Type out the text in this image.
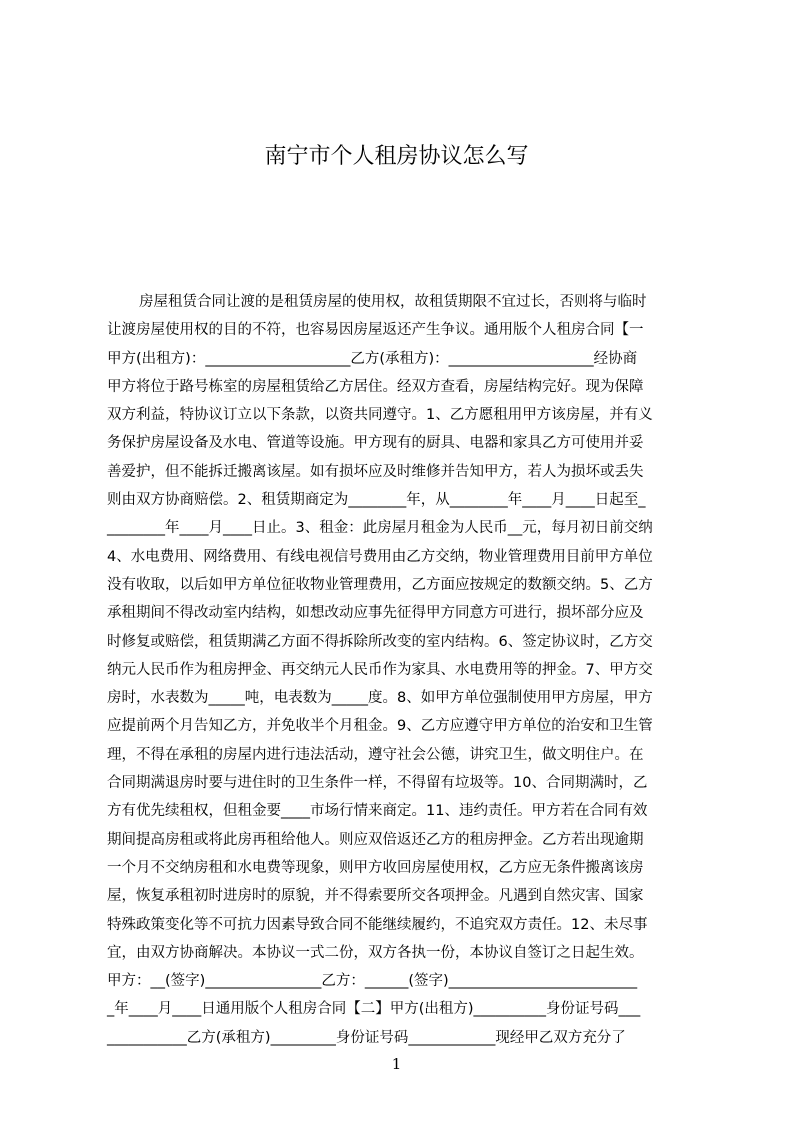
南宁市个人租房协议怎么写
房屋租赁合同让渡的是租赁房屋的使用权，故租赁期限不宜过长，否则将与临时
让渡房屋使用权的目的不符，也容易因房屋返还产生争议。通用版个人租房合同【一
甲方(出租方)：____________________乙方(承租方)：____________________经协商
甲方将位于路号栋室的房屋租赁给乙方居住。经双方查看，房屋结构完好。现为保障
双方利益，特协议订立以下条款，以资共同遵守。1、乙方愿租用甲方该房屋，并有义
务保护房屋设备及水电、管道等设施。甲方现有的厨具、电器和家具乙方可使用并妥
善爱护，但不能拆迁搬离该屋。如有损坏应及时维修并告知甲方，若人为损坏或丢失
则由双方协商赔偿。2、租赁期商定为________年，从________年____月____日起至_
________年____月____日止。3、租金：此房屋月租金为人民币__元，每月初日前交纳
4、水电费用、网络费用、有线电视信号费用由乙方交纳，物业管理费用目前甲方单位
没有收取，以后如甲方单位征收物业管理费用，乙方面应按规定的数额交纳。5、乙方
承租期间不得改动室内结构，如想改动应事先征得甲方同意方可进行，损坏部分应及
时修复或赔偿，租赁期满乙方面不得拆除所改变的室内结构。6、签定协议时，乙方交
纳元人民币作为租房押金、再交纳元人民币作为家具、水电费用等的押金。7、甲方交
房时，水表数为_____吨，电表数为_____度。8、如甲方单位强制使用甲方房屋，甲方
应提前两个月告知乙方，并免收半个月租金。9、乙方应遵守甲方单位的治安和卫生管
理，不得在承租的房屋内进行违法活动，遵守社会公德，讲究卫生，做文明住户。在
合同期满退房时要与进住时的卫生条件一样，不得留有垃圾等。10、合同期满时，乙
方有优先续租权，但租金要____市场行情来商定。11、违约责任。甲方若在合同有效
期间提高房租或将此房再租给他人。则应双倍返还乙方的租房押金。乙方若出现逾期
一个月不交纳房租和水电费等现象，则甲方收回房屋使用权，乙方应无条件搬离该房
屋，恢复承租初时进房时的原貌，并不得索要所交各项押金。凡遇到自然灾害、国家
特殊政策变化等不可抗力因素导致合同不能继续履约，不追究双方责任。12、未尽事
宜，由双方协商解决。本协议一式二份，双方各执一份，本协议自签订之日起生效。
甲方：__(签字)________________乙方：______(签字)__________________________
_年____月____日通用版个人租房合同【二】甲方(出租方)__________身份证号码___
___________乙方(承租方)_________身份证号码____________现经甲乙双方充分了
1
